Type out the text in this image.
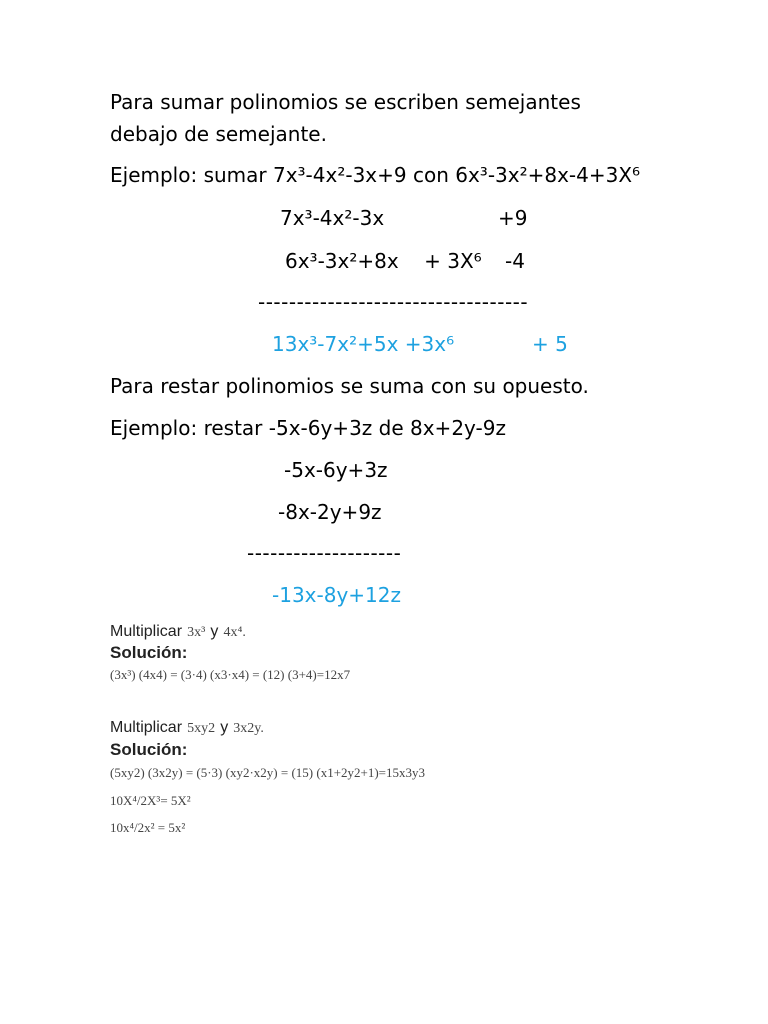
Para sumar polinomios se escriben semejantes

debajo de semejante.

Ejemplo: sumar 7x³-4x²-3x+9 con 6x³-3x²+8x-4+3X⁶

7x³-4x²-3x	+9

6x³-3x²+8x    + 3X⁶ -4

-----------------------------------

13x³-7x²+5x +3x⁶	+ 5

Para restar polinomios se suma con su opuesto.

Ejemplo: restar -5x-6y+3z de 8x+2y-9z

-5x-6y+3z

-8x-2y+9z

--------------------

-13x-8y+12z

Multiplicar 3x³ y 4x⁴.

Solución:

(3x³) (4x4) = (3·4) (x3·x4) = (12) (3+4)=12x7

Multiplicar 5xy2 y 3x2y.

Solución:

(5xy2) (3x2y) = (5·3) (xy2·x2y) = (15) (x1+2y2+1)=15x3y3

10X⁴/2X³= 5X²

10x⁴/2x² = 5x²
